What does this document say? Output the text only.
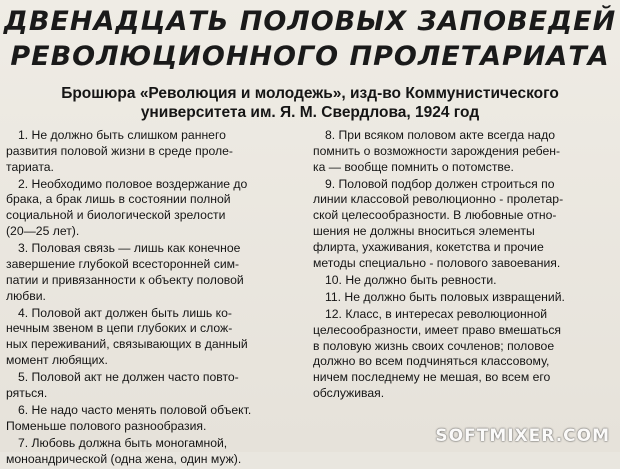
ДВЕНАДЦАТЬ ПОЛОВЫХ ЗАПОВЕДЕЙ
РЕВОЛЮЦИОННОГО ПРОЛЕТАРИАТА
Брошюра «Революция и молодежь», изд-во Коммунистического
университета им. Я. М. Свердлова, 1924 год
1. Не должно быть слишком раннего
развития половой жизни в среде проле-
тариата.
2. Необходимо половое воздержание до
брака, а брак лишь в состоянии полной
социальной и биологической зрелости
(20—25 лет).
3. Половая связь — лишь как конечное
завершение глубокой всесторонней сим-
патии и привязанности к объекту половой
любви.
4. Половой акт должен быть лишь ко-
нечным звеном в цепи глубоких и слож-
ных переживаний, связывающих в данный
момент любящих.
5. Половой акт не должен часто повто-
ряться.
6. Не надо часто менять половой объект.
Поменьше полового разнообразия.
7. Любовь должна быть моногамной,
моноандрической (одна жена, один муж).
8. При всяком половом акте всегда надо
помнить о возможности зарождения ребен-
ка — вообще помнить о потомстве.
9. Половой подбор должен строиться по
линии классовой революционно - пролетар-
ской целесообразности. В любовные отно-
шения не должны вноситься элементы
флирта, ухаживания, кокетства и прочие
методы специально - полового завоевания.
10. Не должно быть ревности.
11. Не должно быть половых извращений.
12. Класс, в интересах революционной
целесообразности, имеет право вмешаться
в половую жизнь своих сочленов; половое
должно во всем подчиняться классовому,
ничем последнему не мешая, во всем его
обслуживая.
SOFTMIXER.COM
